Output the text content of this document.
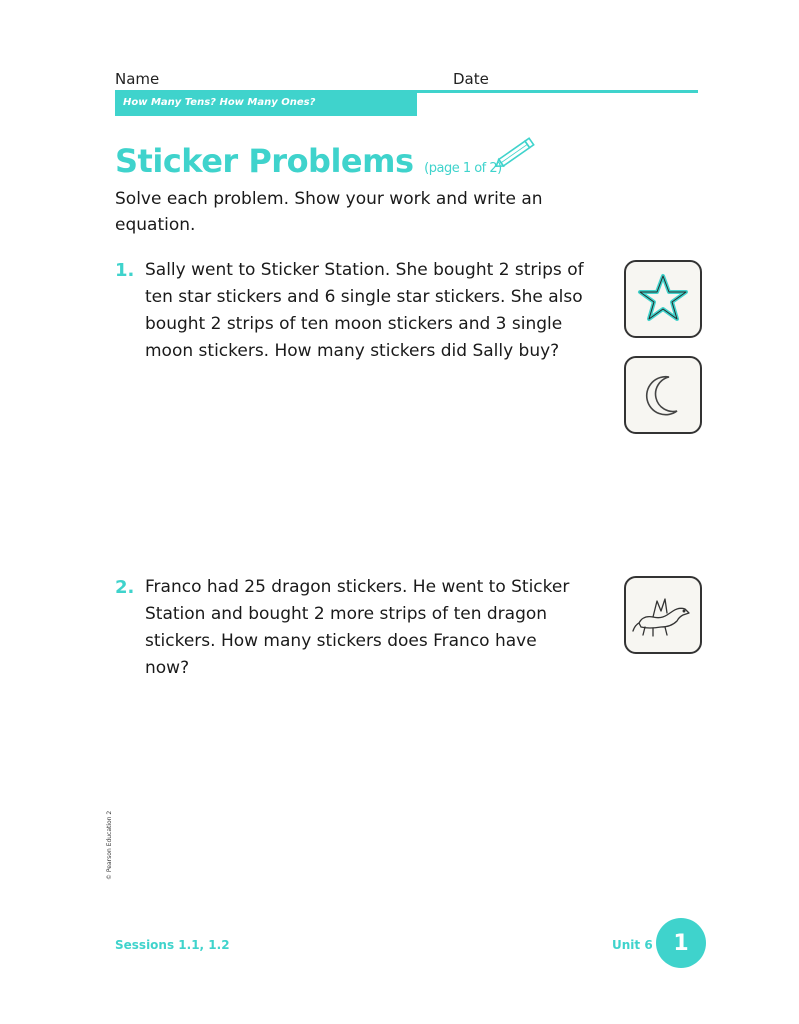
Name	Date
How Many Tens? How Many Ones?
Sticker Problems (page 1 of 2)
Solve each problem. Show your work and write an equation.
1. Sally went to Sticker Station. She bought 2 strips of ten star stickers and 6 single star stickers. She also bought 2 strips of ten moon stickers and 3 single moon stickers. How many stickers did Sally buy?
2. Franco had 25 dragon stickers. He went to Sticker Station and bought 2 more strips of ten dragon stickers. How many stickers does Franco have now?
© Pearson Education 2
Sessions 1.1, 1.2	Unit 6 1
